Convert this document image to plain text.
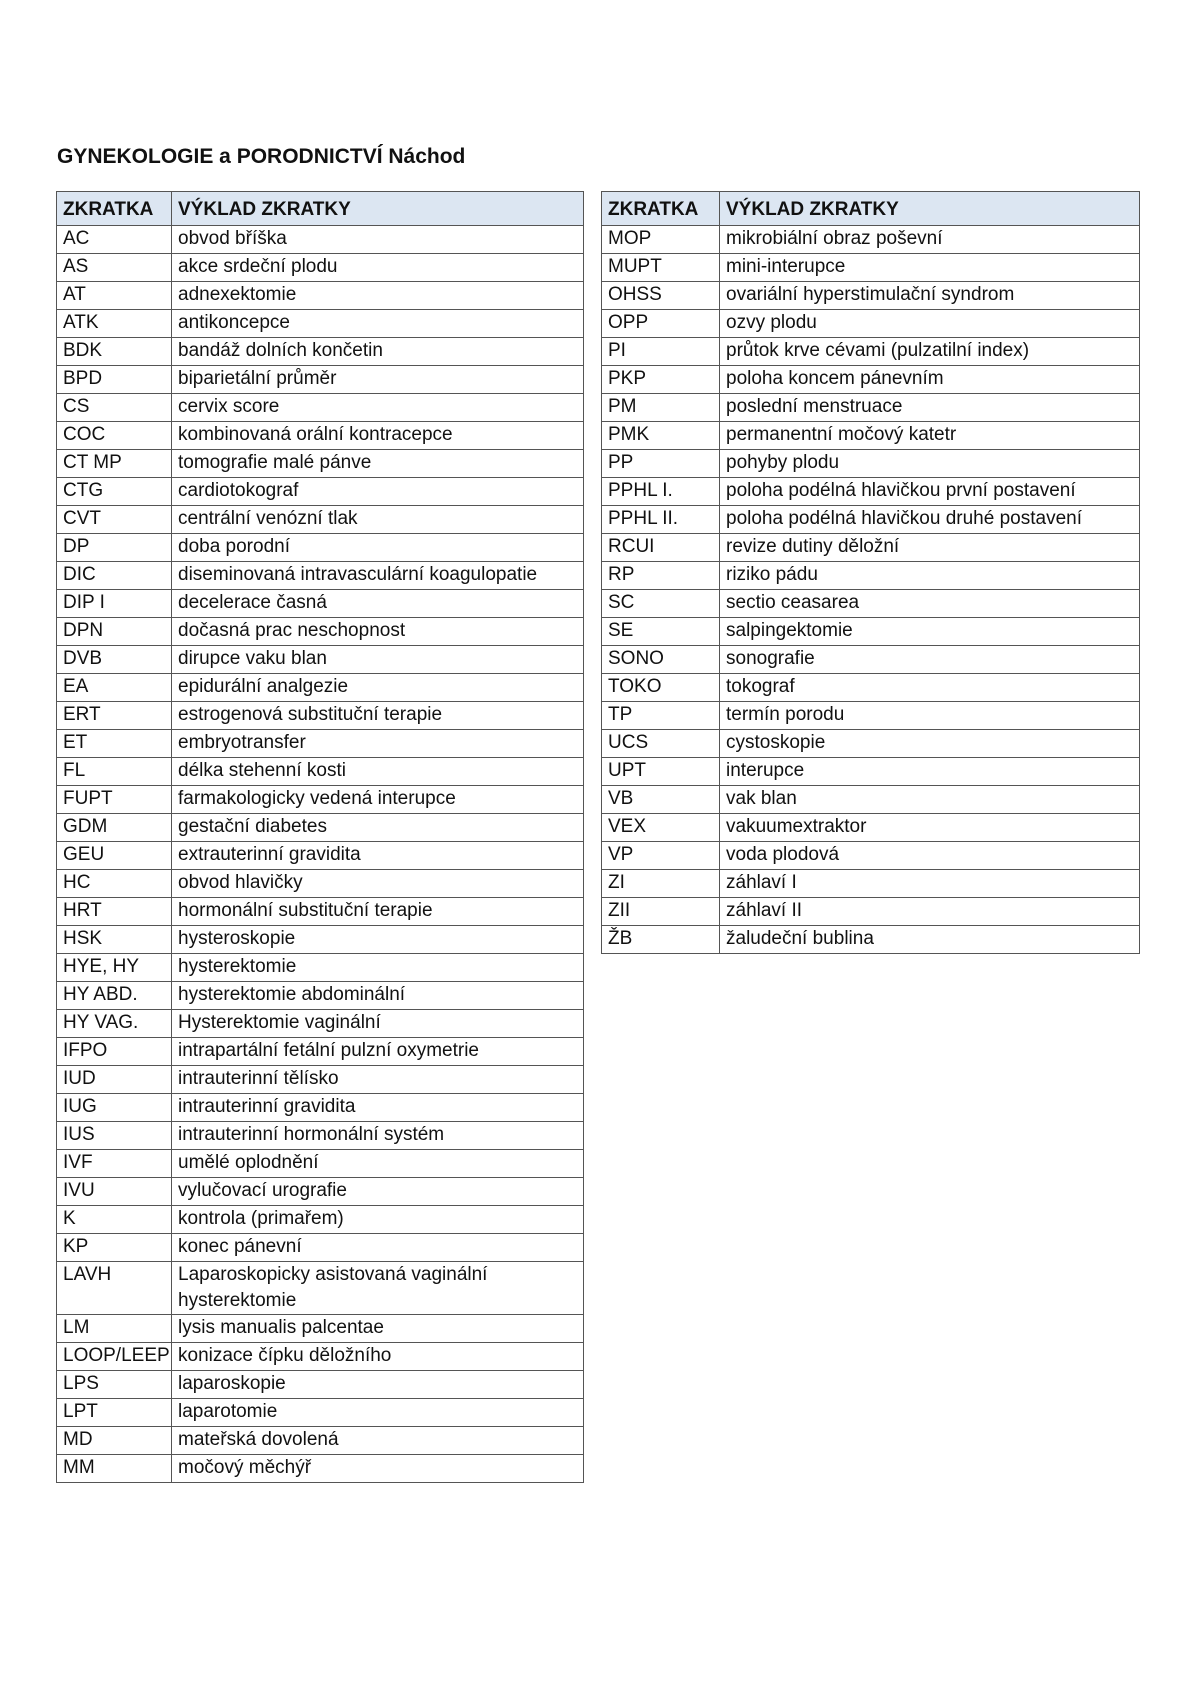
GYNEKOLOGIE a PORODNICTVÍ Náchod
ZKRATKA	VÝKLAD ZKRATKY
AC	obvod bříška
AS	akce srdeční plodu
AT	adnexektomie
ATK	antikoncepce
BDK	bandáž dolních končetin
BPD	biparietální průměr
CS	cervix score
COC	kombinovaná orální kontracepce
CT MP	tomografie malé pánve
CTG	cardiotokograf
CVT	centrální venózní tlak
DP	doba porodní
DIC	diseminovaná intravasculární koagulopatie
DIP I	decelerace časná
DPN	dočasná prac neschopnost
DVB	dirupce vaku blan
EA	epidurální analgezie
ERT	estrogenová substituční terapie
ET	embryotransfer
FL	délka stehenní kosti
FUPT	farmakologicky vedená interupce
GDM	gestační diabetes
GEU	extrauterinní gravidita
HC	obvod hlavičky
HRT	hormonální substituční terapie
HSK	hysteroskopie
HYE, HY	hysterektomie
HY ABD.	hysterektomie abdominální
HY VAG.	Hysterektomie vaginální
IFPO	intrapartální fetální pulzní oxymetrie
IUD	intrauterinní tělísko
IUG	intrauterinní gravidita
IUS	intrauterinní hormonální systém
IVF	umělé oplodnění
IVU	vylučovací urografie
K	kontrola (primařem)
KP	konec pánevní
LAVH	Laparoskopicky asistovaná vaginální hysterektomie
LM	lysis manualis palcentae
LOOP/LEEP	konizace čípku děložního
LPS	laparoskopie
LPT	laparotomie
MD	mateřská dovolená
MM	močový měchýř
ZKRATKA	VÝKLAD ZKRATKY
MOP	mikrobiální obraz poševní
MUPT	mini-interupce
OHSS	ovariální hyperstimulační syndrom
OPP	ozvy plodu
PI	průtok krve cévami (pulzatilní index)
PKP	poloha koncem pánevním
PM	poslední menstruace
PMK	permanentní močový katetr
PP	pohyby plodu
PPHL I.	poloha podélná hlavičkou první postavení
PPHL II.	poloha podélná hlavičkou druhé postavení
RCUI	revize dutiny děložní
RP	riziko pádu
SC	sectio ceasarea
SE	salpingektomie
SONO	sonografie
TOKO	tokograf
TP	termín porodu
UCS	cystoskopie
UPT	interupce
VB	vak blan
VEX	vakuumextraktor
VP	voda plodová
ZI	záhlaví I
ZII	záhlaví II
ŽB	žaludeční bublina
